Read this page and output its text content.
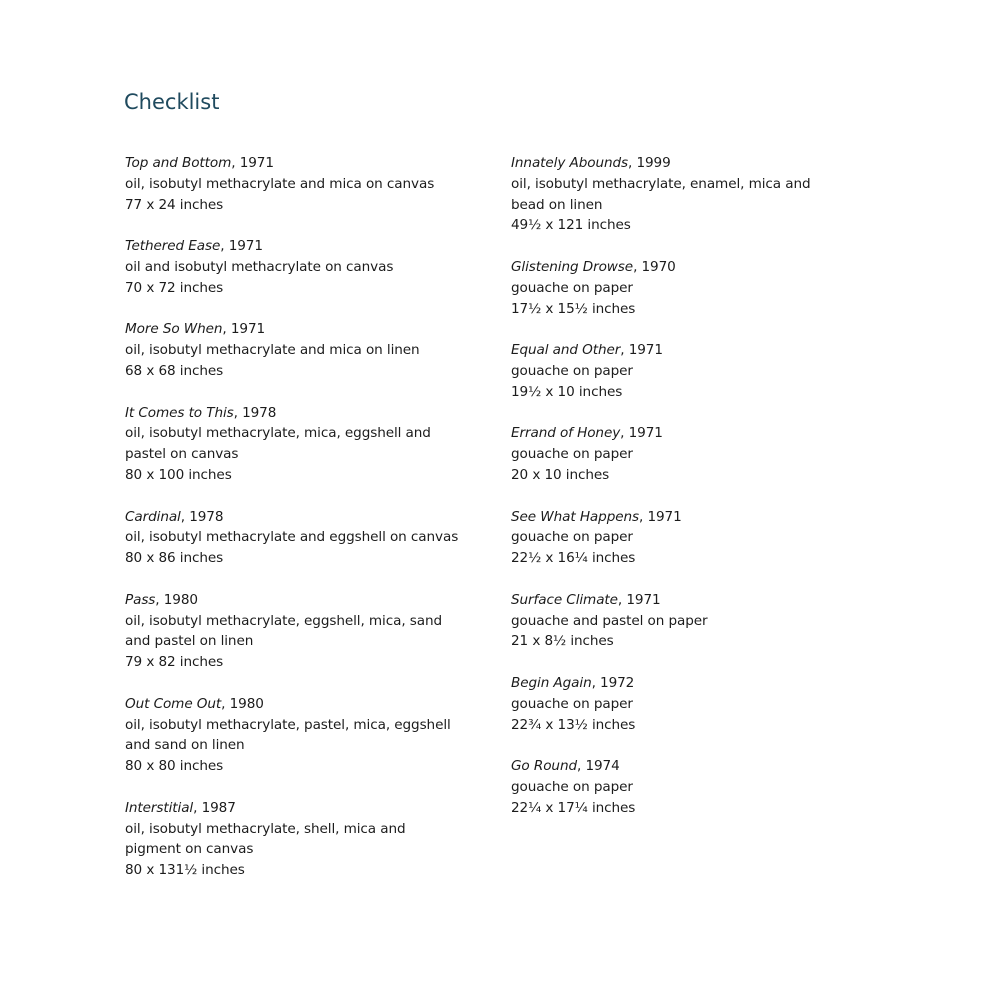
Checklist
Top and Bottom, 1971
oil, isobutyl methacrylate and mica on canvas
77 x 24 inches
Tethered Ease, 1971
oil and isobutyl methacrylate on canvas
70 x 72 inches
More So When, 1971
oil, isobutyl methacrylate and mica on linen
68 x 68 inches
It Comes to This, 1978
oil, isobutyl methacrylate, mica, eggshell and
pastel on canvas
80 x 100 inches
Cardinal, 1978
oil, isobutyl methacrylate and eggshell on canvas
80 x 86 inches
Pass, 1980
oil, isobutyl methacrylate, eggshell, mica, sand
and pastel on linen
79 x 82 inches
Out Come Out, 1980
oil, isobutyl methacrylate, pastel, mica, eggshell
and sand on linen
80 x 80 inches
Interstitial, 1987
oil, isobutyl methacrylate, shell, mica and
pigment on canvas
80 x 131½ inches
Innately Abounds, 1999
oil, isobutyl methacrylate, enamel, mica and
bead on linen
49½ x 121 inches
Glistening Drowse, 1970
gouache on paper
17½ x 15½ inches
Equal and Other, 1971
gouache on paper
19½ x 10 inches
Errand of Honey, 1971
gouache on paper
20 x 10 inches
See What Happens, 1971
gouache on paper
22½ x 16¼ inches
Surface Climate, 1971
gouache and pastel on paper
21 x 8½ inches
Begin Again, 1972
gouache on paper
22¾ x 13½ inches
Go Round, 1974
gouache on paper
22¼ x 17¼ inches
